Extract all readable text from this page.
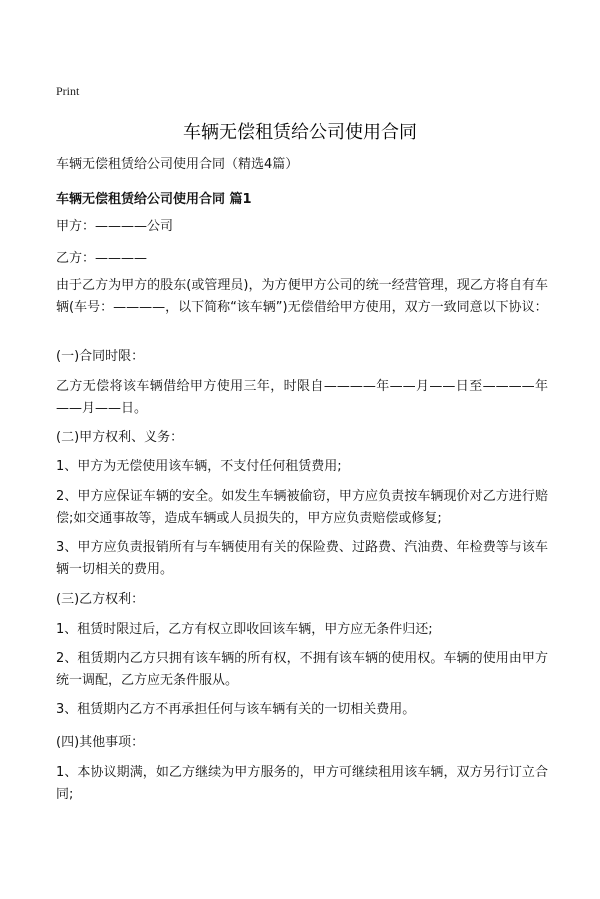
Print
车辆无偿租赁给公司使用合同
车辆无偿租赁给公司使用合同（精选4篇）
车辆无偿租赁给公司使用合同 篇1
甲方：————公司
乙方：————
由于乙方为甲方的股东(或管理员)，为方便甲方公司的统一经营管理，现乙方将自有车辆(车号：————，以下简称“该车辆”)无偿借给甲方使用，双方一致同意以下协议：
(一)合同时限：
乙方无偿将该车辆借给甲方使用三年，时限自————年——月——日至————年——月——日。
(二)甲方权利、义务：
1、甲方为无偿使用该车辆，不支付任何租赁费用;
2、甲方应保证车辆的安全。如发生车辆被偷窃，甲方应负责按车辆现价对乙方进行赔偿;如交通事故等，造成车辆或人员损失的，甲方应负责赔偿或修复;
3、甲方应负责报销所有与车辆使用有关的保险费、过路费、汽油费、年检费等与该车辆一切相关的费用。
(三)乙方权利：
1、租赁时限过后，乙方有权立即收回该车辆，甲方应无条件归还;
2、租赁期内乙方只拥有该车辆的所有权，不拥有该车辆的使用权。车辆的使用由甲方统一调配，乙方应无条件服从。
3、租赁期内乙方不再承担任何与该车辆有关的一切相关费用。
(四)其他事项：
1、本协议期满，如乙方继续为甲方服务的，甲方可继续租用该车辆，双方另行订立合同;
